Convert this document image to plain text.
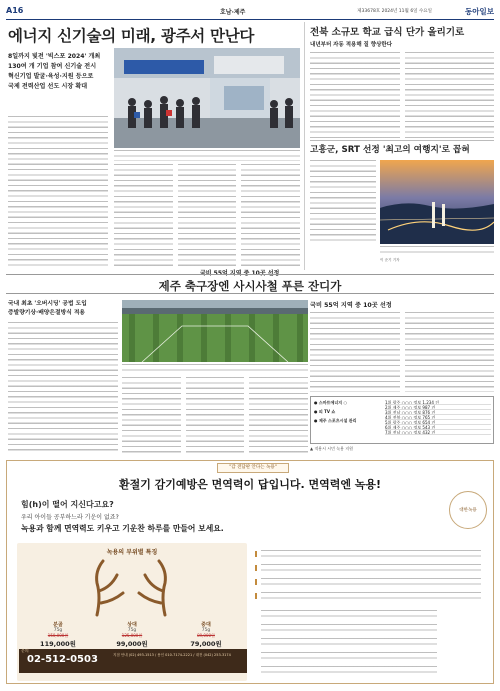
A16	호남·제주	제33678호 2024년 11월 6일 수요일	동아일보
에너지 신기술의 미래, 광주서 만난다
8일까지 빛전 '빅스포 2024' 개최
130여 개 기업 참여 신기술 전시
혁신기업 발굴·육성·지원 등으로
국제 전력산업 선도 시장 확대
전북 소규모 학교 급식 단가 올리기로
내년부터 자동 적용해 질 향상한다
고흥군, SRT 선정 '최고의 여행지'로 꼽혀
이 준기 기자
국비 55억 지역 중 10곳 선정
제주 축구장엔 사시사철 푸른 잔디가
국내 최초 '오버시딩' 공법 도입
증발량기상·배양은절방식 적용
국비 55억 지역 중 10곳 선정
● 스마트에너지 ○
● 피 TV 쇼
● 제주 스포츠시설 관리
1위 광주 ○○○ 정보 1,234 건
2위 제주 ○○○ 정보 987 건
3위 전남 ○○○ 정보 876 건
4위 전북 ○○○ 정보 765 건
5위 광주 ○○○ 정보 654 건
6위 제주 ○○○ 정보 543 건
7위 전남 ○○○ 정보 432 건
▲ 적용시 시민 녹용 지원
"감 전담판 안다는 녹용"
환절기 감기예방은 면역력이 답입니다. 면역력엔 녹용!
힘(h)이 떨어 지신다고요?
우리 아이들 공부하느라 기운이 없죠?
녹용과 함께 면역력도 키우고 기운찬 하루를 만들어 보세요.
녹용의 부위별 특징
분골
75g
150,000원
119,000원
상대
75g
125,000원
99,000원
중대
75g
89,000원
79,000원
문의
02-512-0503	지점 안내 (02) 493-1513 / 용인 010-7174-2221 / 대전 (042) 253-3174
대한녹용
